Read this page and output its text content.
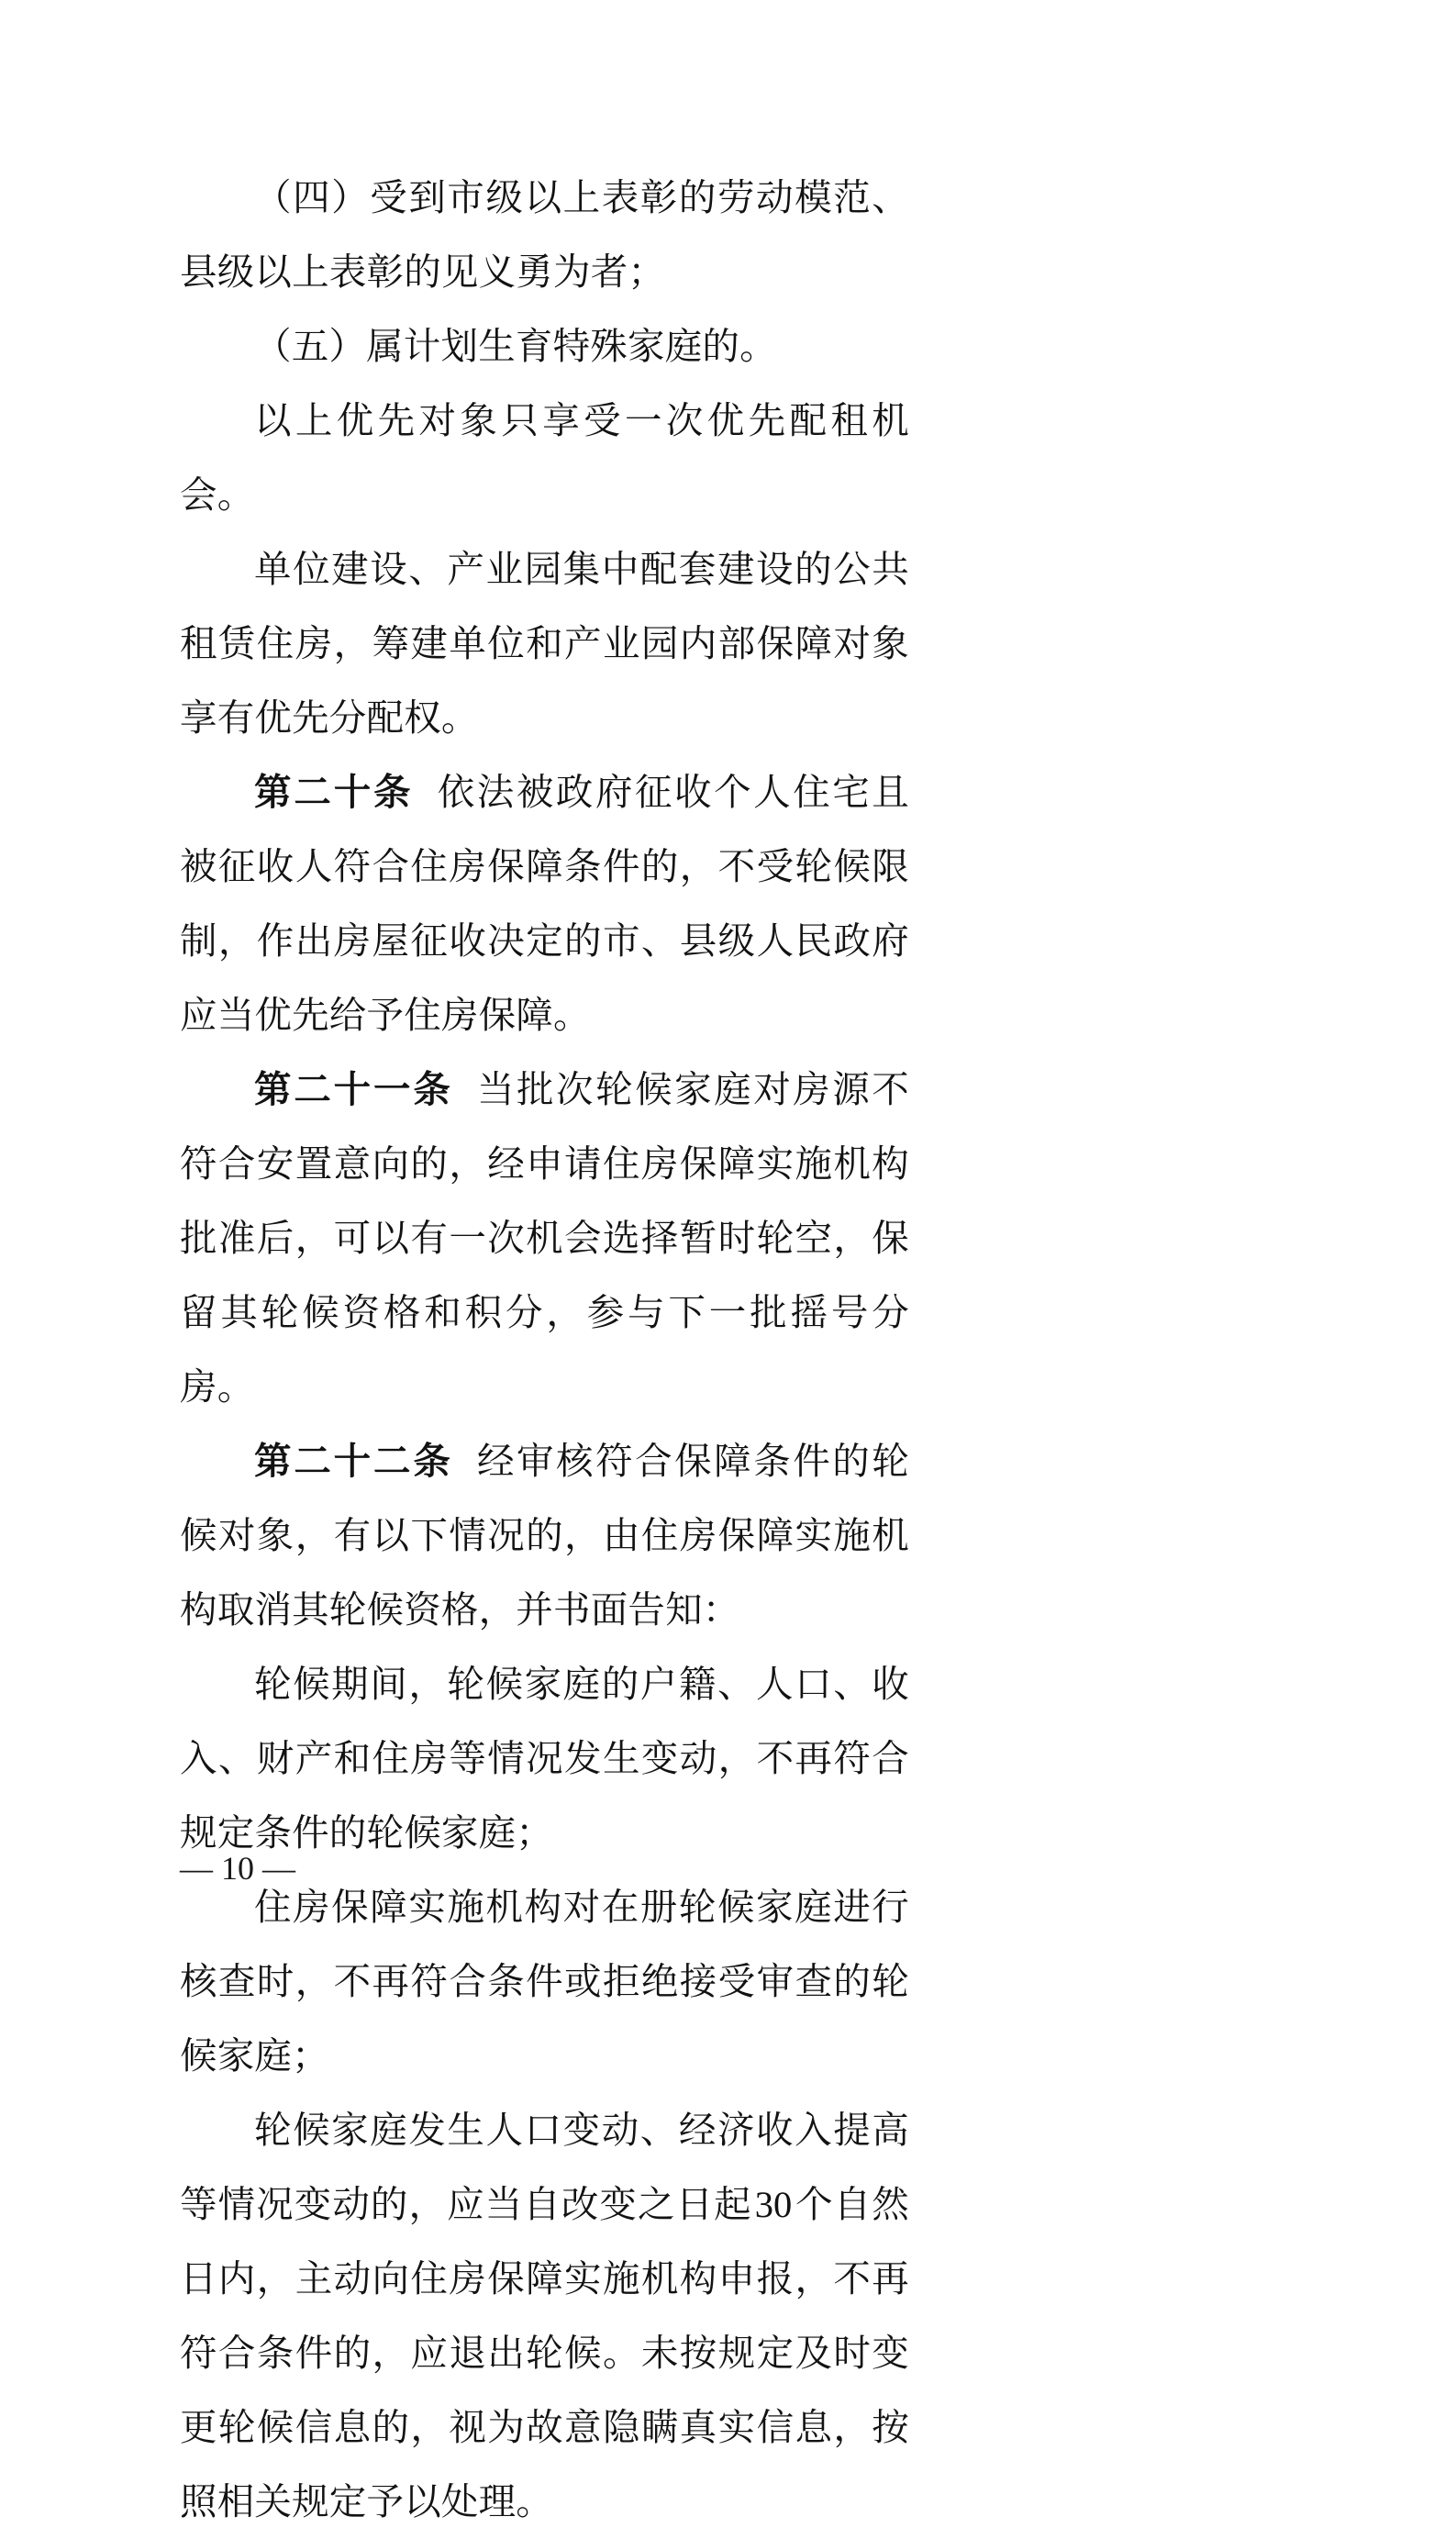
（四）受到市级以上表彰的劳动模范、县级以上表彰的见义勇为者；

（五）属计划生育特殊家庭的。

以上优先对象只享受一次优先配租机会。

单位建设、产业园集中配套建设的公共租赁住房，筹建单位和产业园内部保障对象享有优先分配权。

第二十条 依法被政府征收个人住宅且被征收人符合住房保障条件的，不受轮候限制，作出房屋征收决定的市、县级人民政府应当优先给予住房保障。

第二十一条 当批次轮候家庭对房源不符合安置意向的，经申请住房保障实施机构批准后，可以有一次机会选择暂时轮空，保留其轮候资格和积分，参与下一批摇号分房。

第二十二条 经审核符合保障条件的轮候对象，有以下情况的，由住房保障实施机构取消其轮候资格，并书面告知：

轮候期间，轮候家庭的户籍、人口、收入、财产和住房等情况发生变动，不再符合规定条件的轮候家庭；

住房保障实施机构对在册轮候家庭进行核查时，不再符合条件或拒绝接受审查的轮候家庭；

轮候家庭发生人口变动、经济收入提高等情况变动的，应当自改变之日起30个自然日内，主动向住房保障实施机构申报，不再符合条件的，应退出轮候。未按规定及时变更轮候信息的，视为故意隐瞒真实信息，按照相关规定予以处理。

— 10 —
